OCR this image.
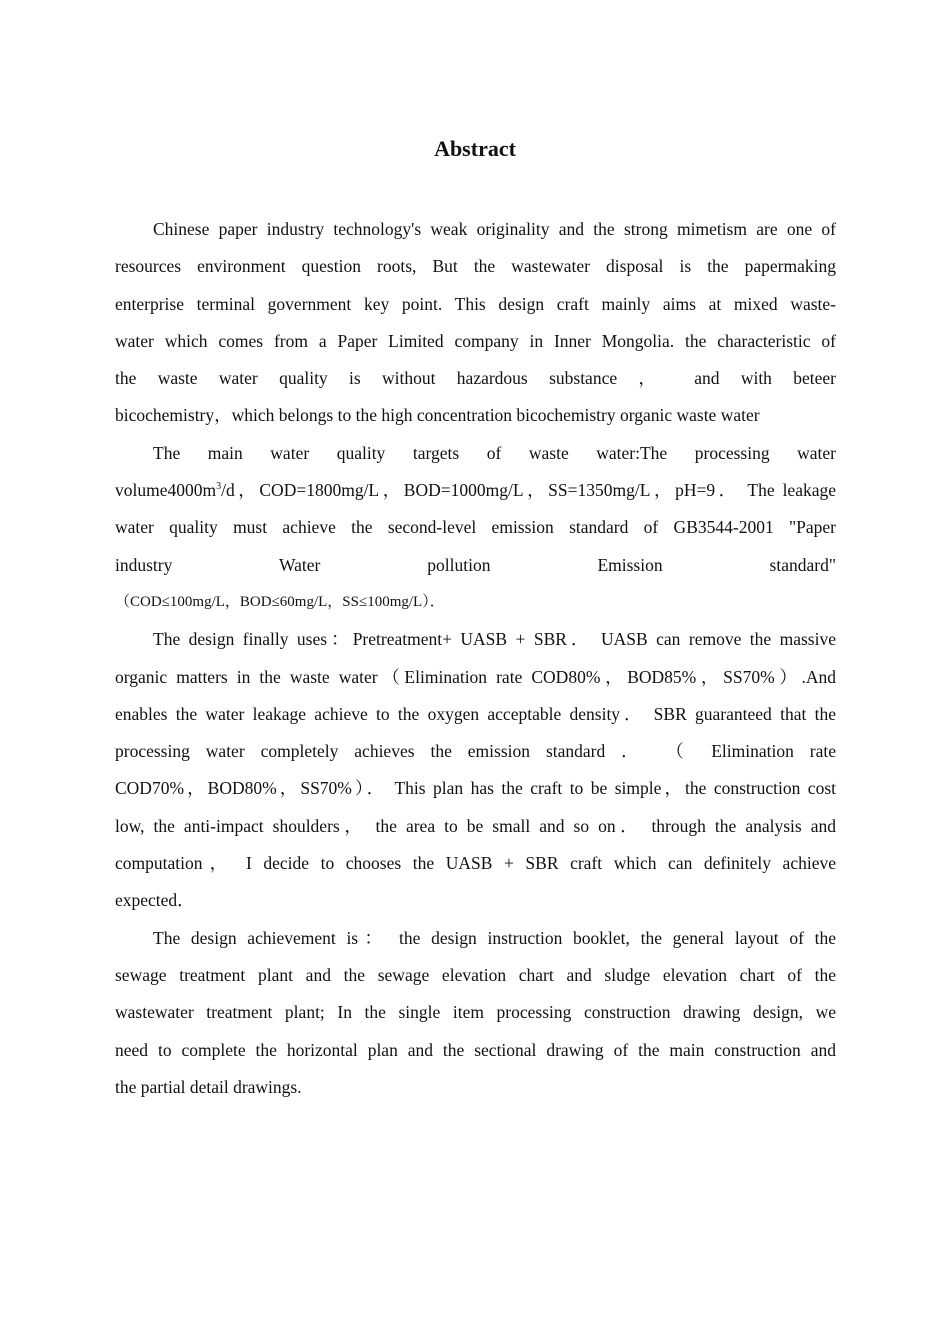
Abstract

Chinese paper industry technology's weak originality and the strong mimetism are one of
resources environment question roots, But the wastewater disposal is the papermaking
enterprise terminal government key point. This design craft mainly aims at mixed waste-
water which comes from a Paper Limited company in Inner Mongolia. the characteristic of
the waste water quality is without hazardous substance ， and with beteer
bicochemistry，which belongs to the high concentration bicochemistry organic waste water

The main water quality targets of waste water:The processing water
$volume4000m^3/d$，COD=1800mg/L，BOD=1000mg/L，SS=1350mg/L，pH=9． The leakage
water quality must achieve the second-level emission standard of GB3544-2001 "Paper
industry Water pollution Emission standard"
（COD≤100mg/L，BOD≤60mg/L，SS≤100mg/L）．

The design finally uses：Pretreatment+ UASB + SBR． UASB can remove the massive
organic matters in the waste water（Elimination rate COD80%，BOD85%，SS70%）.And
enables the water leakage achieve to the oxygen acceptable density． SBR guaranteed that the
processing water completely achieves the emission standard ． （ Elimination rate
COD70%，BOD80%，SS70%）． This plan has the craft to be simple，the construction cost
low, the anti-impact shoulders， the area to be small and so on． through the analysis and
computation， I decide to chooses the UASB + SBR craft which can definitely achieve
expected．

The design achievement is： the design instruction booklet, the general layout of the
sewage treatment plant and the sewage elevation chart and sludge elevation chart of the
wastewater treatment plant; In the single item processing construction drawing design, we
need to complete the horizontal plan and the sectional drawing of the main construction and
the partial detail drawings.
